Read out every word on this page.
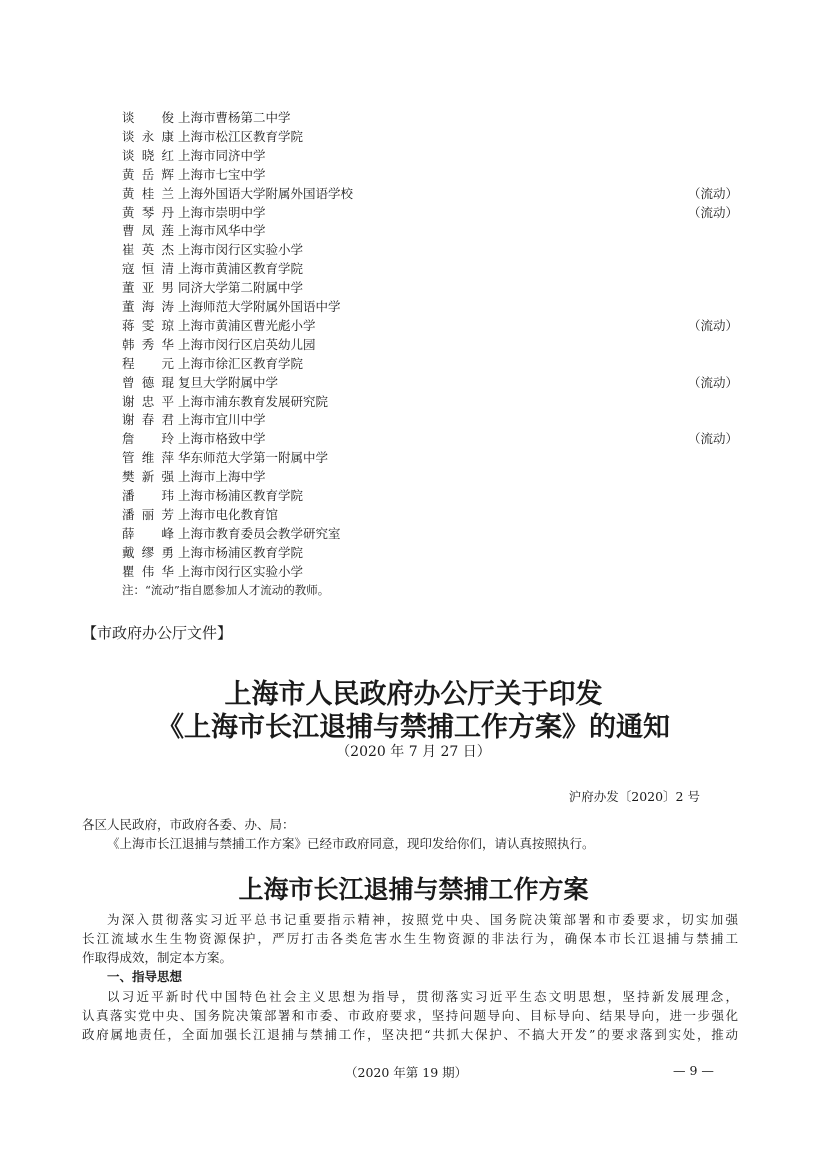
谈　俊 上海市曹杨第二中学
谈永康 上海市松江区教育学院
谈晓红 上海市同济中学
黄岳辉 上海市七宝中学
黄桂兰 上海外国语大学附属外国语学校	（流动）
黄琴丹 上海市崇明中学	（流动）
曹凤莲 上海市风华中学
崔英杰 上海市闵行区实验小学
寇恒清 上海市黄浦区教育学院
董亚男 同济大学第二附属中学
董海涛 上海师范大学附属外国语中学
蒋雯琼 上海市黄浦区曹光彪小学	（流动）
韩秀华 上海市闵行区启英幼儿园
程　元 上海市徐汇区教育学院
曾德琨 复旦大学附属中学	（流动）
谢忠平 上海市浦东教育发展研究院
谢春君 上海市宜川中学
詹　玲 上海市格致中学	（流动）
管维萍 华东师范大学第一附属中学
樊新强 上海市上海中学
潘　玮 上海市杨浦区教育学院
潘丽芳 上海市电化教育馆
薛　峰 上海市教育委员会教学研究室
戴缪勇 上海市杨浦区教育学院
瞿伟华 上海市闵行区实验小学
注：“流动”指自愿参加人才流动的教师。
【市政府办公厅文件】
上海市人民政府办公厅关于印发
《上海市长江退捕与禁捕工作方案》的通知
（2020 年 7 月 27 日）
沪府办发〔2020〕2 号
各区人民政府，市政府各委、办、局：
《上海市长江退捕与禁捕工作方案》已经市政府同意，现印发给你们，请认真按照执行。
上海市长江退捕与禁捕工作方案
为深入贯彻落实习近平总书记重要指示精神，按照党中央、国务院决策部署和市委要求，切实加强
长江流域水生生物资源保护，严厉打击各类危害水生生物资源的非法行为，确保本市长江退捕与禁捕工
作取得成效，制定本方案。
一、指导思想
以习近平新时代中国特色社会主义思想为指导，贯彻落实习近平生态文明思想，坚持新发展理念，
认真落实党中央、国务院决策部署和市委、市政府要求，坚持问题导向、目标导向、结果导向，进一步强化
政府属地责任，全面加强长江退捕与禁捕工作，坚决把“共抓大保护、不搞大开发”的要求落到实处，推动
（2020 年第 19 期）	— 9 —
